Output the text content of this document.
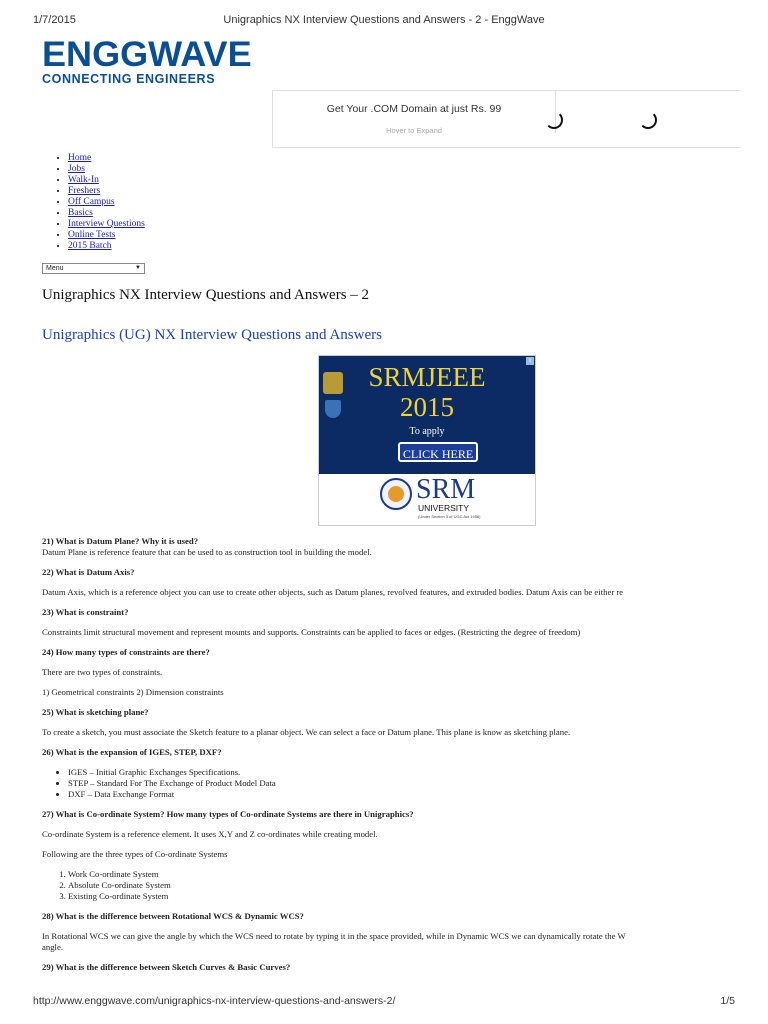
1/7/2015	Unigraphics NX Interview Questions and Answers - 2 - EnggWave
ENGGWAVE
CONNECTING ENGINEERS
Get Your .COM Domain at just Rs. 99
Hover to Expand
• Home
• Jobs
• Walk-In
• Freshers
• Off Campus
• Basics
• Interview Questions
• Online Tests
• 2015 Batch
Menu	▼
Unigraphics NX Interview Questions and Answers – 2
Unigraphics (UG) NX Interview Questions and Answers
i
SRMJEEE
2015
To apply
CLICK HERE
SRM
UNIVERSITY
(Under Section 3 of UGC Act 1956)

21) What is Datum Plane? Why it is used?

Datum Plane is reference feature that can be used to as construction tool in building the model.

22) What is Datum Axis?

Datum Axis, which is a reference object you can use to create other objects, such as Datum planes, revolved features, and extruded bodies. Datum Axis can be either re

23) What is constraint?

Constraints limit structural movement and represent mounts and supports. Constraints can be applied to faces or edges. (Restricting the degree of freedom)

24) How many types of constraints are there?

There are two types of constraints.

1) Geometrical constraints 2) Dimension constraints

25) What is sketching plane?

To create a sketch, you must associate the Sketch feature to a planar object. We can select a face or Datum plane. This plane is know as sketching plane.

26) What is the expansion of IGES, STEP, DXF?

• IGES – Initial Graphic Exchanges Specifications.
• STEP – Standard For The Exchange of Product Model Data
• DXF – Data Exchange Format

27) What is Co-ordinate System? How many types of Co-ordinate Systems are there in Unigraphics?

Co-ordinate System is a reference element. It uses X,Y and Z co-ordinates while creating model.

Following are the three types of Co-ordinate Systems

1. Work Co-ordinate System
2. Absolute Co-ordinate System
3. Existing Co-ordinate System

28) What is the difference between Rotational WCS & Dynamic WCS?

In Rotational WCS we can give the angle by which the WCS need to rotate by typing it in the space provided, while in Dynamic WCS we can dynamically rotate the W

angle.

29) What is the difference between Sketch Curves & Basic Curves?

http://www.enggwave.com/unigraphics-nx-interview-questions-and-answers-2/	1/5
